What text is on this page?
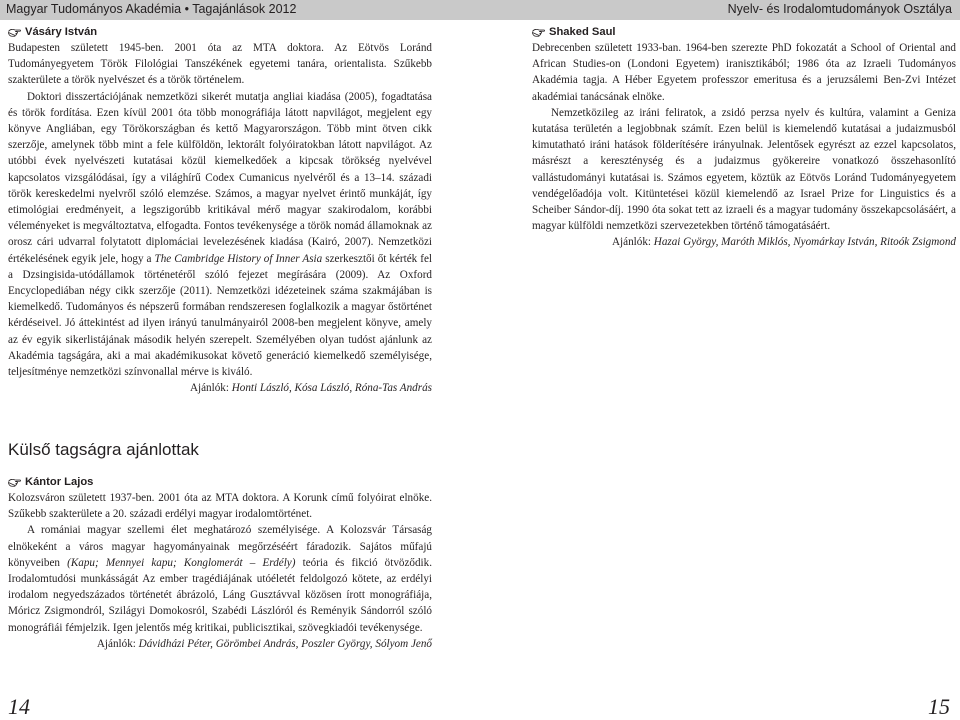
Magyar Tudományos Akadémia • Tagajánlások 2012	Nyelv- és Irodalomtudományok Osztálya
Vásáry István

Budapesten született 1945-ben. 2001 óta az MTA doktora. Az Eötvös Loránd Tudományegyetem Török Filológiai Tanszékének egyetemi tanára, orientalista. Szűkebb szakterülete a török nyelvészet és a török történelem.

Doktori disszertációjának nemzetközi sikerét mutatja angliai kiadása (2005), fogadtatása és török fordítása. Ezen kívül 2001 óta több monográfiája látott napvilágot, megjelent egy könyve Angliában, egy Törökországban és kettő Magyarországon. Több mint ötven cikk szerzője, amelynek több mint a fele külföldön, lektorált folyóiratokban látott napvilágot. Az utóbbi évek nyelvészeti kutatásai közül kiemelkedőek a kipcsak törökség nyelvével kapcsolatos vizsgálódásai, így a világhírű Codex Cumanicus nyelvéről és a 13–14. századi török kereskedelmi nyelvről szóló elemzése. Számos, a magyar nyelvet érintő munkáját, így etimológiai eredményeit, a legszigorúbb kritikával mérő magyar szakirodalom, korábbi véleményeket is megváltoztatva, elfogadta. Fontos tevékenysége a török nomád államoknak az orosz cári udvarral folytatott diplomáciai levelezésének kiadása (Kairó, 2007). Nemzetközi értékelésének egyik jele, hogy a The Cambridge History of Inner Asia szerkesztői őt kérték fel a Dzsingisida-utódállamok történetéről szóló fejezet megírására (2009). Az Oxford Encyclopediában négy cikk szerzője (2011). Nemzetközi idézeteinek száma szakmájában is kiemelkedő. Tudományos és népszerű formában rendszeresen foglalkozik a magyar őstörténet kérdéseivel. Jó áttekintést ad ilyen irányú tanulmányairól 2008-ben megjelent könyve, amely az év egyik sikerlistájának második helyén szerepelt. Személyében olyan tudóst ajánlunk az Akadémia tagságára, aki a mai akadémikusokat követő generáció kiemelkedő személyisége, teljesítménye nemzetközi színvonallal mérve is kiváló.

Ajánlók: Honti László, Kósa László, Róna-Tas András

Külső tagságra ajánlottak
Kántor Lajos

Kolozsváron született 1937-ben. 2001 óta az MTA doktora. A Korunk című folyóirat elnöke. Szűkebb szakterülete a 20. századi erdélyi magyar irodalomtörténet.

A romániai magyar szellemi élet meghatározó személyisége. A Kolozsvár Társaság elnökeként a város magyar hagyományainak megőrzéséért fáradozik. Sajátos műfajú könyveiben (Kapu; Mennyei kapu; Konglomerát – Erdély) teória és fikció ötvöződik. Irodalomtudósi munkásságát Az ember tragédiájának utóéletét feldolgozó kötete, az erdélyi irodalom negyedszázados történetét ábrázoló, Láng Gusztávval közösen írott monográfiája, Móricz Zsigmondról, Szilágyi Domokosról, Szabédi Lászlóról és Reményik Sándorról szóló monográfiái fémjelzik. Igen jelentős még kritikai, publicisztikai, szövegkiadói tevékenysége.

Ajánlók: Dávidházi Péter, Görömbei András, Poszler György, Sólyom Jenő

Shaked Saul

Debrecenben született 1933-ban. 1964-ben szerezte PhD fokozatát a School of Oriental and African Studies-on (Londoni Egyetem) iranisztikából; 1986 óta az Izraeli Tudományos Akadémia tagja. A Héber Egyetem professzor emeritusa és a jeruzsálemi Ben-Zvi Intézet akadémiai tanácsának elnöke.

Nemzetközileg az iráni feliratok, a zsidó perzsa nyelv és kultúra, valamint a Geniza kutatása területén a legjobbnak számít. Ezen belül is kiemelendő kutatásai a judaizmusból kimutatható iráni hatások földerítésére irányulnak. Jelentősek egyrészt az ezzel kapcsolatos, másrészt a kereszténység és a judaizmus gyökereire vonatkozó összehasonlító vallástudományi kutatásai is. Számos egyetem, köztük az Eötvös Loránd Tudományegyetem vendégelőadója volt. Kitüntetései közül kiemelendő az Israel Prize for Linguistics és a Scheiber Sándor-díj. 1990 óta sokat tett az izraeli és a magyar tudomány összekapcsolásáért, a magyar külföldi nemzetközi szervezetekben történő támogatásáért.

Ajánlók: Hazai György, Maróth Miklós, Nyomárkay István, Ritoók Zsigmond

14	15
